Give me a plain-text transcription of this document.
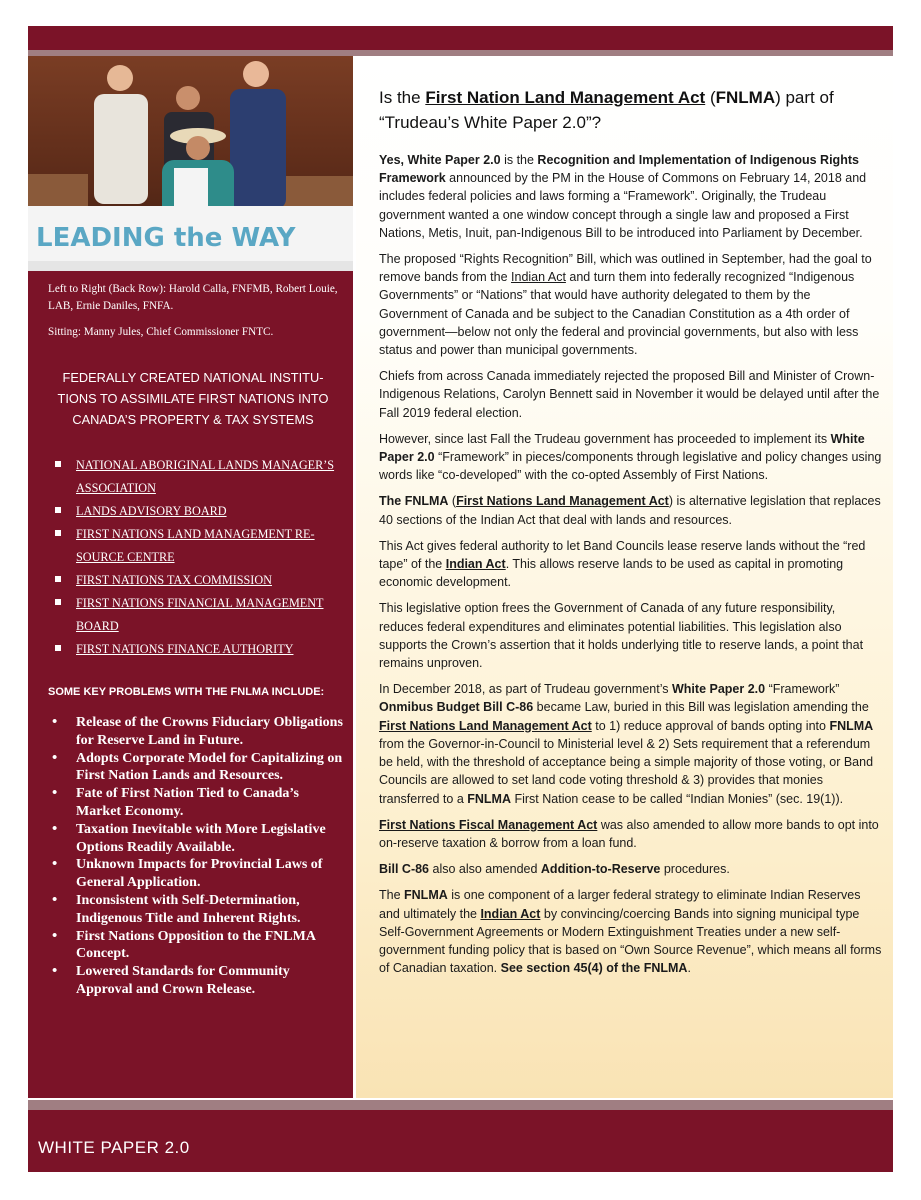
LEADING the WAY

Left to Right (Back Row): Harold Calla, FNFMB, Robert Louie, LAB, Ernie Daniles, FNFA.

Sitting: Manny Jules, Chief Commissioner FNTC.

FEDERALLY CREATED NATIONAL INSTITUTIONS TO ASSIMILATE FIRST NATIONS INTO CANADA’S PROPERTY & TAX SYSTEMS
NATIONAL ABORIGINAL LANDS MANAGER’S ASSOCIATION
LANDS ADVISORY BOARD
FIRST NATIONS LAND MANAGEMENT RESOURCE CENTRE
FIRST NATIONS TAX COMMISSION
FIRST NATIONS FINANCIAL MANAGEMENT BOARD
FIRST NATIONS FINANCE AUTHORITY
SOME KEY PROBLEMS WITH THE FNLMA INCLUDE:
• Release of the Crowns Fiduciary Obligations for Reserve Land in Future.
• Adopts Corporate Model for Capitalizing on First Nation Lands and Resources.
• Fate of First Nation Tied to Canada’s Market Economy.
• Taxation Inevitable with More Legislative Options Readily Available.
• Unknown Impacts for Provincial Laws of General Application.
• Inconsistent with Self-Determination, Indigenous Title and Inherent Rights.
• First Nations Opposition to the FNLMA Concept.
• Lowered Standards for Community Approval and Crown Release.
Is the First Nation Land Management Act (FNLMA) part of “Trudeau’s White Paper 2.0”?

Yes, White Paper 2.0 is the Recognition and Implementation of Indigenous Rights Framework announced by the PM in the House of Commons on February 14, 2018 and includes federal policies and laws forming a “Framework”. Originally, the Trudeau government wanted a one window concept through a single law and proposed a First Nations, Metis, Inuit, pan-Indigenous Bill to be introduced into Parliament by December.

The proposed “Rights Recognition” Bill, which was outlined in September, had the goal to remove bands from the Indian Act and turn them into federally recognized “Indigenous Governments” or “Nations” that would have authority delegated to them by the Government of Canada and be subject to the Canadian Constitution as a 4th order of government—below not only the federal and provincial governments, but also with less status and power than municipal governments.

Chiefs from across Canada immediately rejected the proposed Bill and Minister of Crown-Indigenous Relations, Carolyn Bennett said in November it would be delayed until after the Fall 2019 federal election.

However, since last Fall the Trudeau government has proceeded to implement its White Paper 2.0 “Framework” in pieces/components through legislative and policy changes using words like “co-developed” with the co-opted Assembly of First Nations.

The FNLMA (First Nations Land Management Act) is alternative legislation that replaces 40 sections of the Indian Act that deal with lands and resources.

This Act gives federal authority to let Band Councils lease reserve lands without the “red tape” of the Indian Act. This allows reserve lands to be used as capital in promoting economic development.

This legislative option frees the Government of Canada of any future responsibility, reduces federal expenditures and eliminates potential liabilities. This legislation also supports the Crown’s assertion that it holds underlying title to reserve lands, a point that remains unproven.

In December 2018, as part of Trudeau government’s White Paper 2.0 “Framework” Onmibus Budget Bill C-86 became Law, buried in this Bill was legislation amending the First Nations Land Management Act to 1) reduce approval of bands opting into FNLMA from the Governor-in-Council to Ministerial level & 2) Sets requirement that a referendum be held, with the threshold of acceptance being a simple majority of those voting, or Band Councils are allowed to set land code voting threshold & 3) provides that monies transferred to a FNLMA First Nation cease to be called “Indian Monies” (sec. 19(1)).

First Nations Fiscal Management Act was also amended to allow more bands to opt into on-reserve taxation & borrow from a loan fund.

Bill C-86 also also amended Addition-to-Reserve procedures.

The FNLMA is one component of a larger federal strategy to eliminate Indian Reserves and ultimately the Indian Act by convincing/coercing Bands into signing municipal type Self-Government Agreements or Modern Extinguishment Treaties under a new self-government funding policy that is based on “Own Source Revenue”, which means all forms of Canadian taxation. See section 45(4) of the FNLMA.

WHITE PAPER 2.0
